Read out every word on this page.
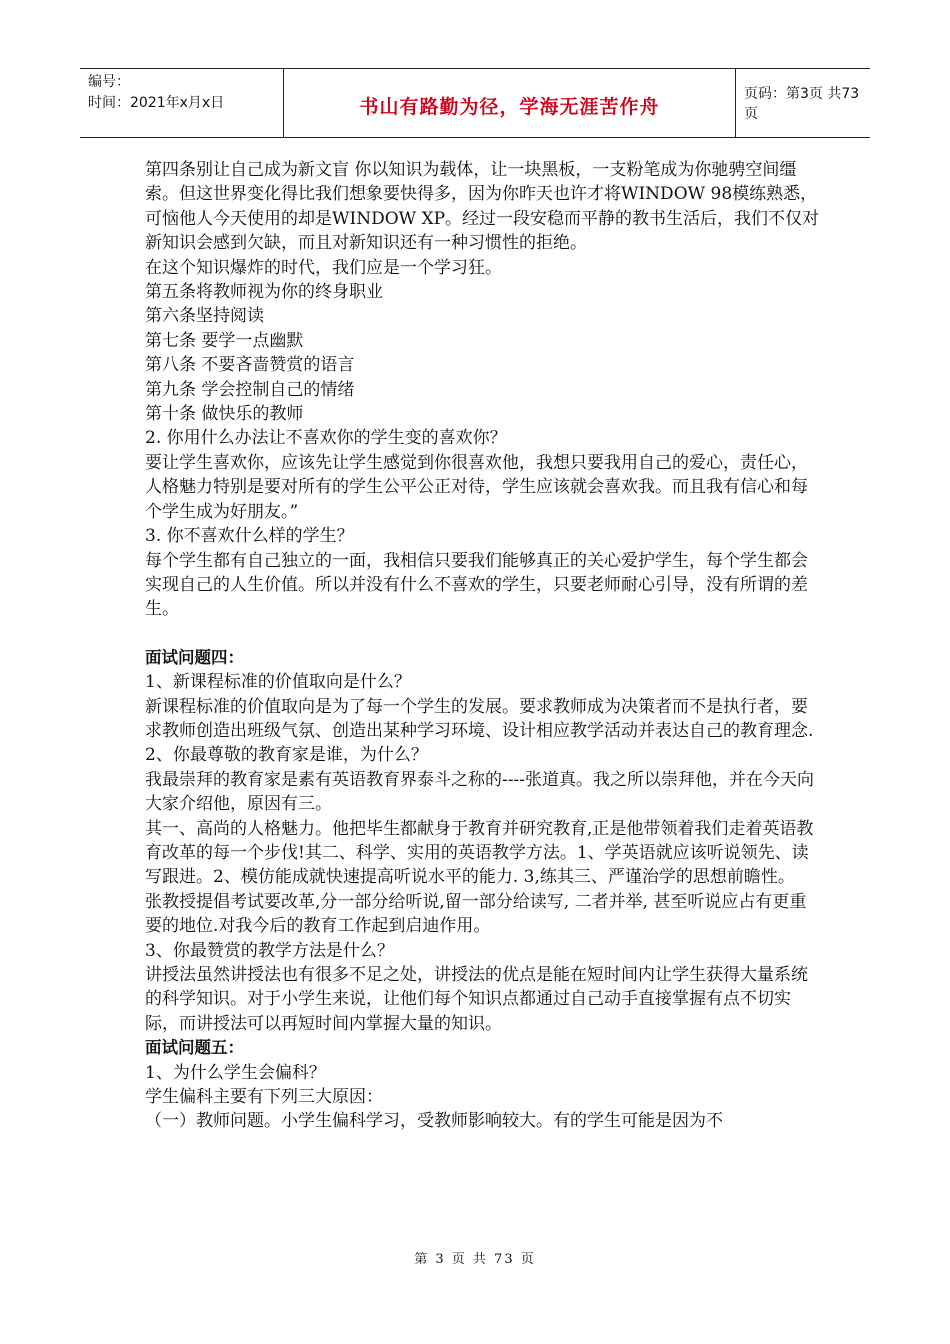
编号：
时间：2021年x月x日	书山有路勤为径，学海无涯苦作舟
页码：第3页 共73页

第四条别让自己成为新文盲 你以知识为载体，让一块黑板，一支粉笔成为你驰骋空间缰索。但这世界变化得比我们想象要快得多，因为你昨天也许才将WINDOW 98模练熟悉，可恼他人今天使用的却是WINDOW XP。经过一段安稳而平静的教书生活后，我们不仅对新知识会感到欠缺，而且对新知识还有一种习惯性的拒绝。

在这个知识爆炸的时代，我们应是一个学习狂。

第五条将教师视为你的终身职业

第六条坚持阅读

第七条 要学一点幽默

第八条 不要吝啬赞赏的语言

第九条 学会控制自己的情绪

第十条 做快乐的教师

2. 你用什么办法让不喜欢你的学生变的喜欢你？

要让学生喜欢你，应该先让学生感觉到你很喜欢他，我想只要我用自己的爱心，责任心，人格魅力特别是要对所有的学生公平公正对待，学生应该就会喜欢我。而且我有信心和每个学生成为好朋友。”

3. 你不喜欢什么样的学生？

每个学生都有自己独立的一面，我相信只要我们能够真正的关心爱护学生，每个学生都会实现自己的人生价值。所以并没有什么不喜欢的学生，只要老师耐心引导，没有所谓的差生。

面试问题四：

1、新课程标准的价值取向是什么？

新课程标准的价值取向是为了每一个学生的发展。要求教师成为决策者而不是执行者，要求教师创造出班级气氛、创造出某种学习环境、设计相应教学活动并表达自己的教育理念.

2、你最尊敬的教育家是谁，为什么？

我最崇拜的教育家是素有英语教育界泰斗之称的----张道真。我之所以崇拜他，并在今天向大家介绍他，原因有三。

其一、高尚的人格魅力。他把毕生都献身于教育并研究教育,正是他带领着我们走着英语教育改革的每一个步伐!其二、科学、实用的英语教学方法。1、学英语就应该听说领先、读写跟进。2、模仿能成就快速提高听说水平的能力. 3,练其三、严谨治学的思想前瞻性。

张教授提倡考试要改革,分一部分给听说,留一部分给读写, 二者并举, 甚至听说应占有更重要的地位.对我今后的教育工作起到启迪作用。

3、你最赞赏的教学方法是什么？

讲授法虽然讲授法也有很多不足之处，讲授法的优点是能在短时间内让学生获得大量系统的科学知识。对于小学生来说，让他们每个知识点都通过自己动手直接掌握有点不切实际，而讲授法可以再短时间内掌握大量的知识。

面试问题五：

1、为什么学生会偏科？

学生偏科主要有下列三大原因：

（一）教师问题。小学生偏科学习，受教师影响较大。有的学生可能是因为不

第 3 页 共 73 页
